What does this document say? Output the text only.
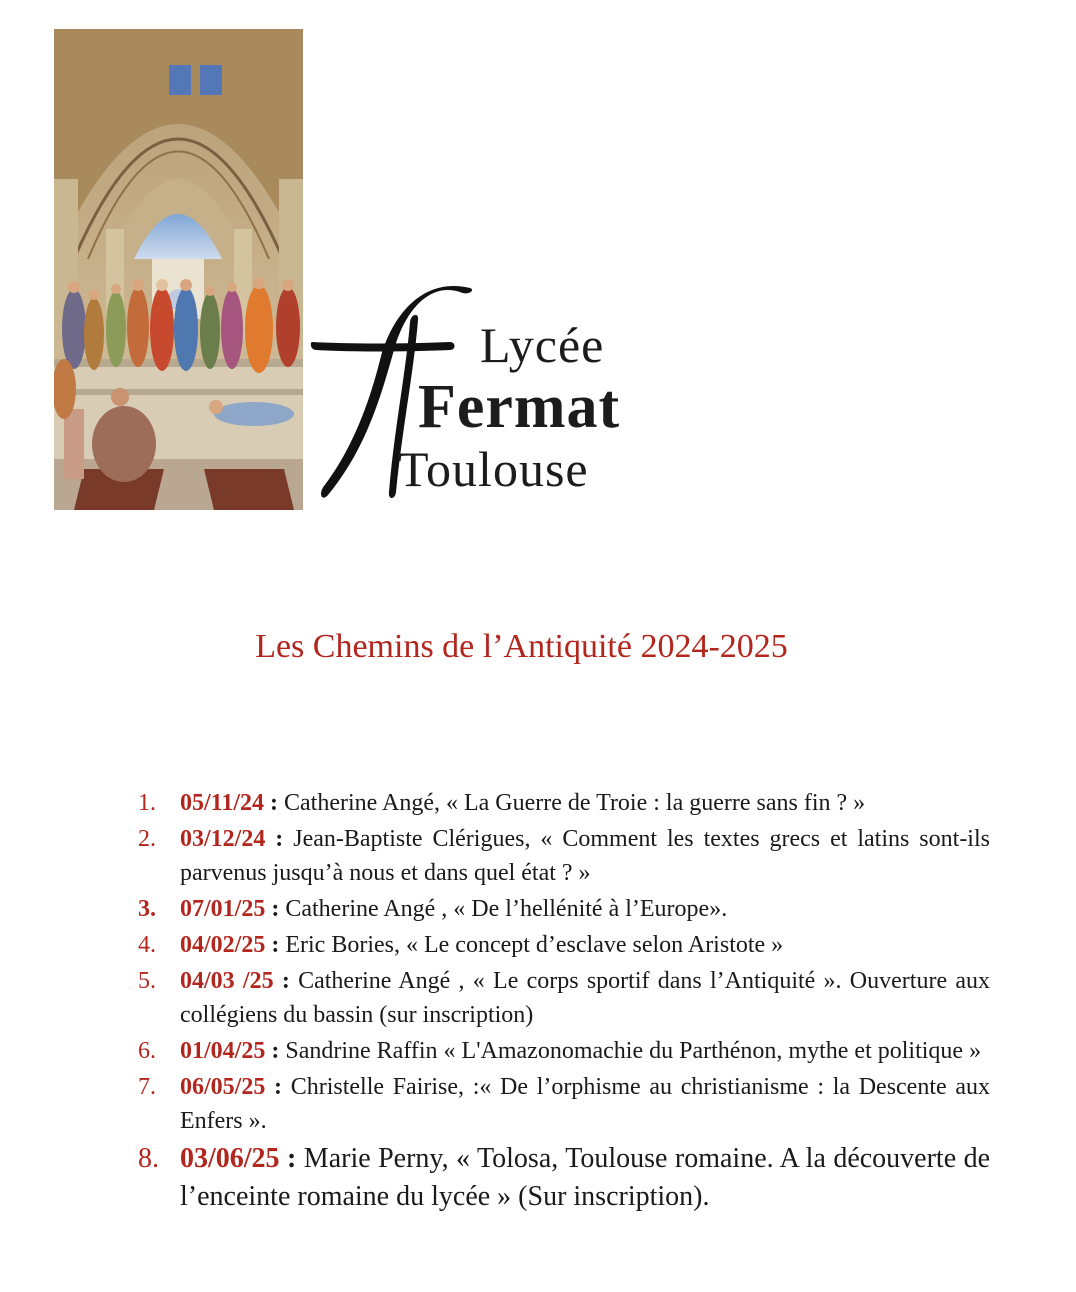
Lycée
Fermat
Toulouse
Les Chemins de l’Antiquité 2024-2025
1. 05/11/24 : Catherine Angé, « La Guerre de Troie : la guerre sans fin ? »
2. 03/12/24 : Jean-Baptiste Clérigues, « Comment les textes grecs et latins sont-ils parvenus jusqu’à nous et dans quel état ? »
3. 07/01/25 : Catherine Angé , « De l’hellénité à l’Europe».
4. 04/02/25 : Eric Bories, « Le concept d’esclave selon Aristote »
5. 04/03 /25 : Catherine Angé , « Le corps sportif dans l’Antiquité ». Ouverture aux collégiens du bassin (sur inscription)
6. 01/04/25 : Sandrine Raffin « L'Amazonomachie du Parthénon, mythe et politique »
7. 06/05/25 : Christelle Fairise, :« De l’orphisme au christianisme : la Descente aux Enfers ».
8. 03/06/25 : Marie Perny, « Tolosa, Toulouse romaine. A la découverte de l’enceinte romaine du lycée » (Sur inscription).
